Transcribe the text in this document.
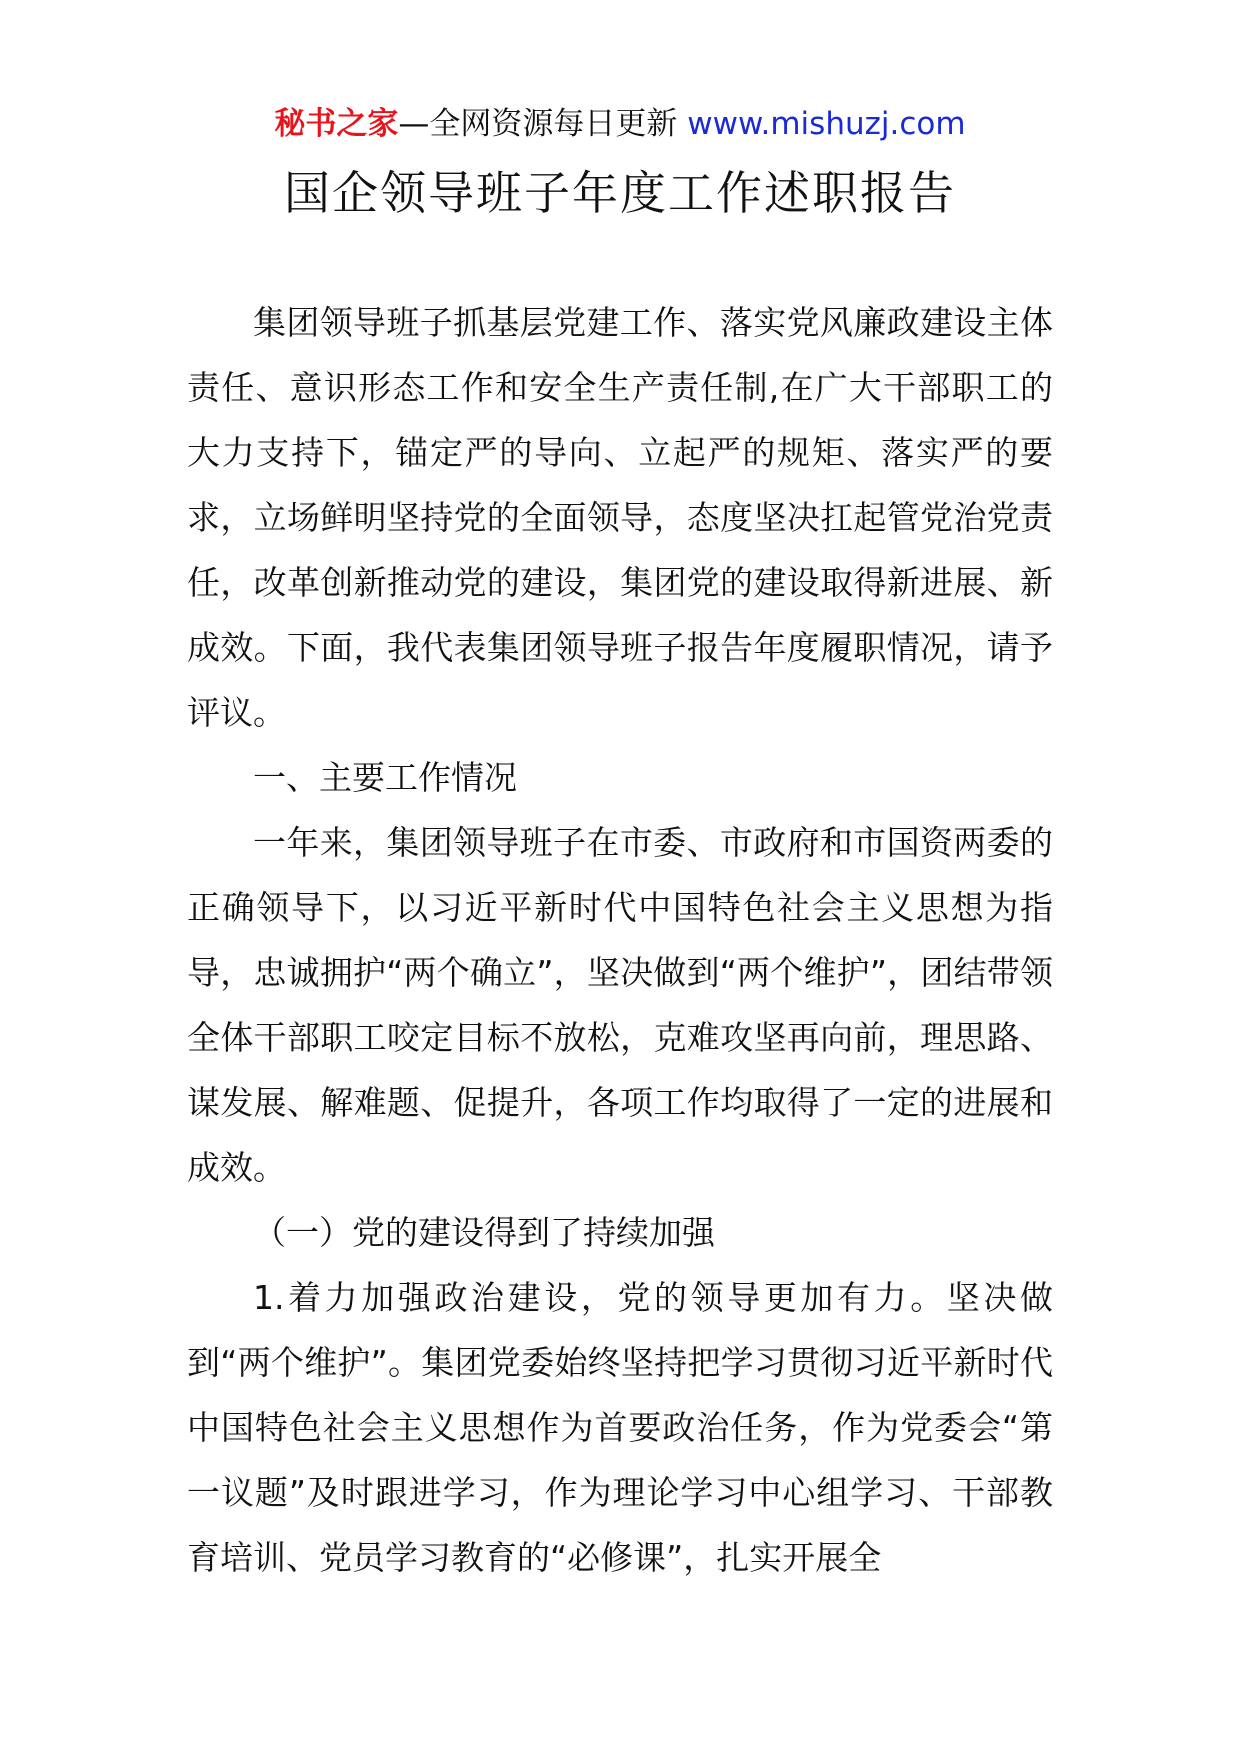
秘书之家—全网资源每日更新 www.mishuzj.com
国企领导班子年度工作述职报告

集团领导班子抓基层党建工作、落实党风廉政建设主体责任、意识形态工作和安全生产责任制,在广大干部职工的大力支持下，锚定严的导向、立起严的规矩、落实严的要求，立场鲜明坚持党的全面领导，态度坚决扛起管党治党责任，改革创新推动党的建设，集团党的建设取得新进展、新成效。下面，我代表集团领导班子报告年度履职情况，请予评议。

一、主要工作情况

一年来，集团领导班子在市委、市政府和市国资两委的正确领导下，以习近平新时代中国特色社会主义思想为指导，忠诚拥护“两个确立”，坚决做到“两个维护”，团结带领全体干部职工咬定目标不放松，克难攻坚再向前，理思路、谋发展、解难题、促提升，各项工作均取得了一定的进展和成效。

（一）党的建设得到了持续加强

1.着力加强政治建设，党的领导更加有力。坚决做到“两个维护”。集团党委始终坚持把学习贯彻习近平新时代中国特色社会主义思想作为首要政治任务，作为党委会“第一议题”及时跟进学习，作为理论学习中心组学习、干部教育培训、党员学习教育的“必修课”，扎实开展全
